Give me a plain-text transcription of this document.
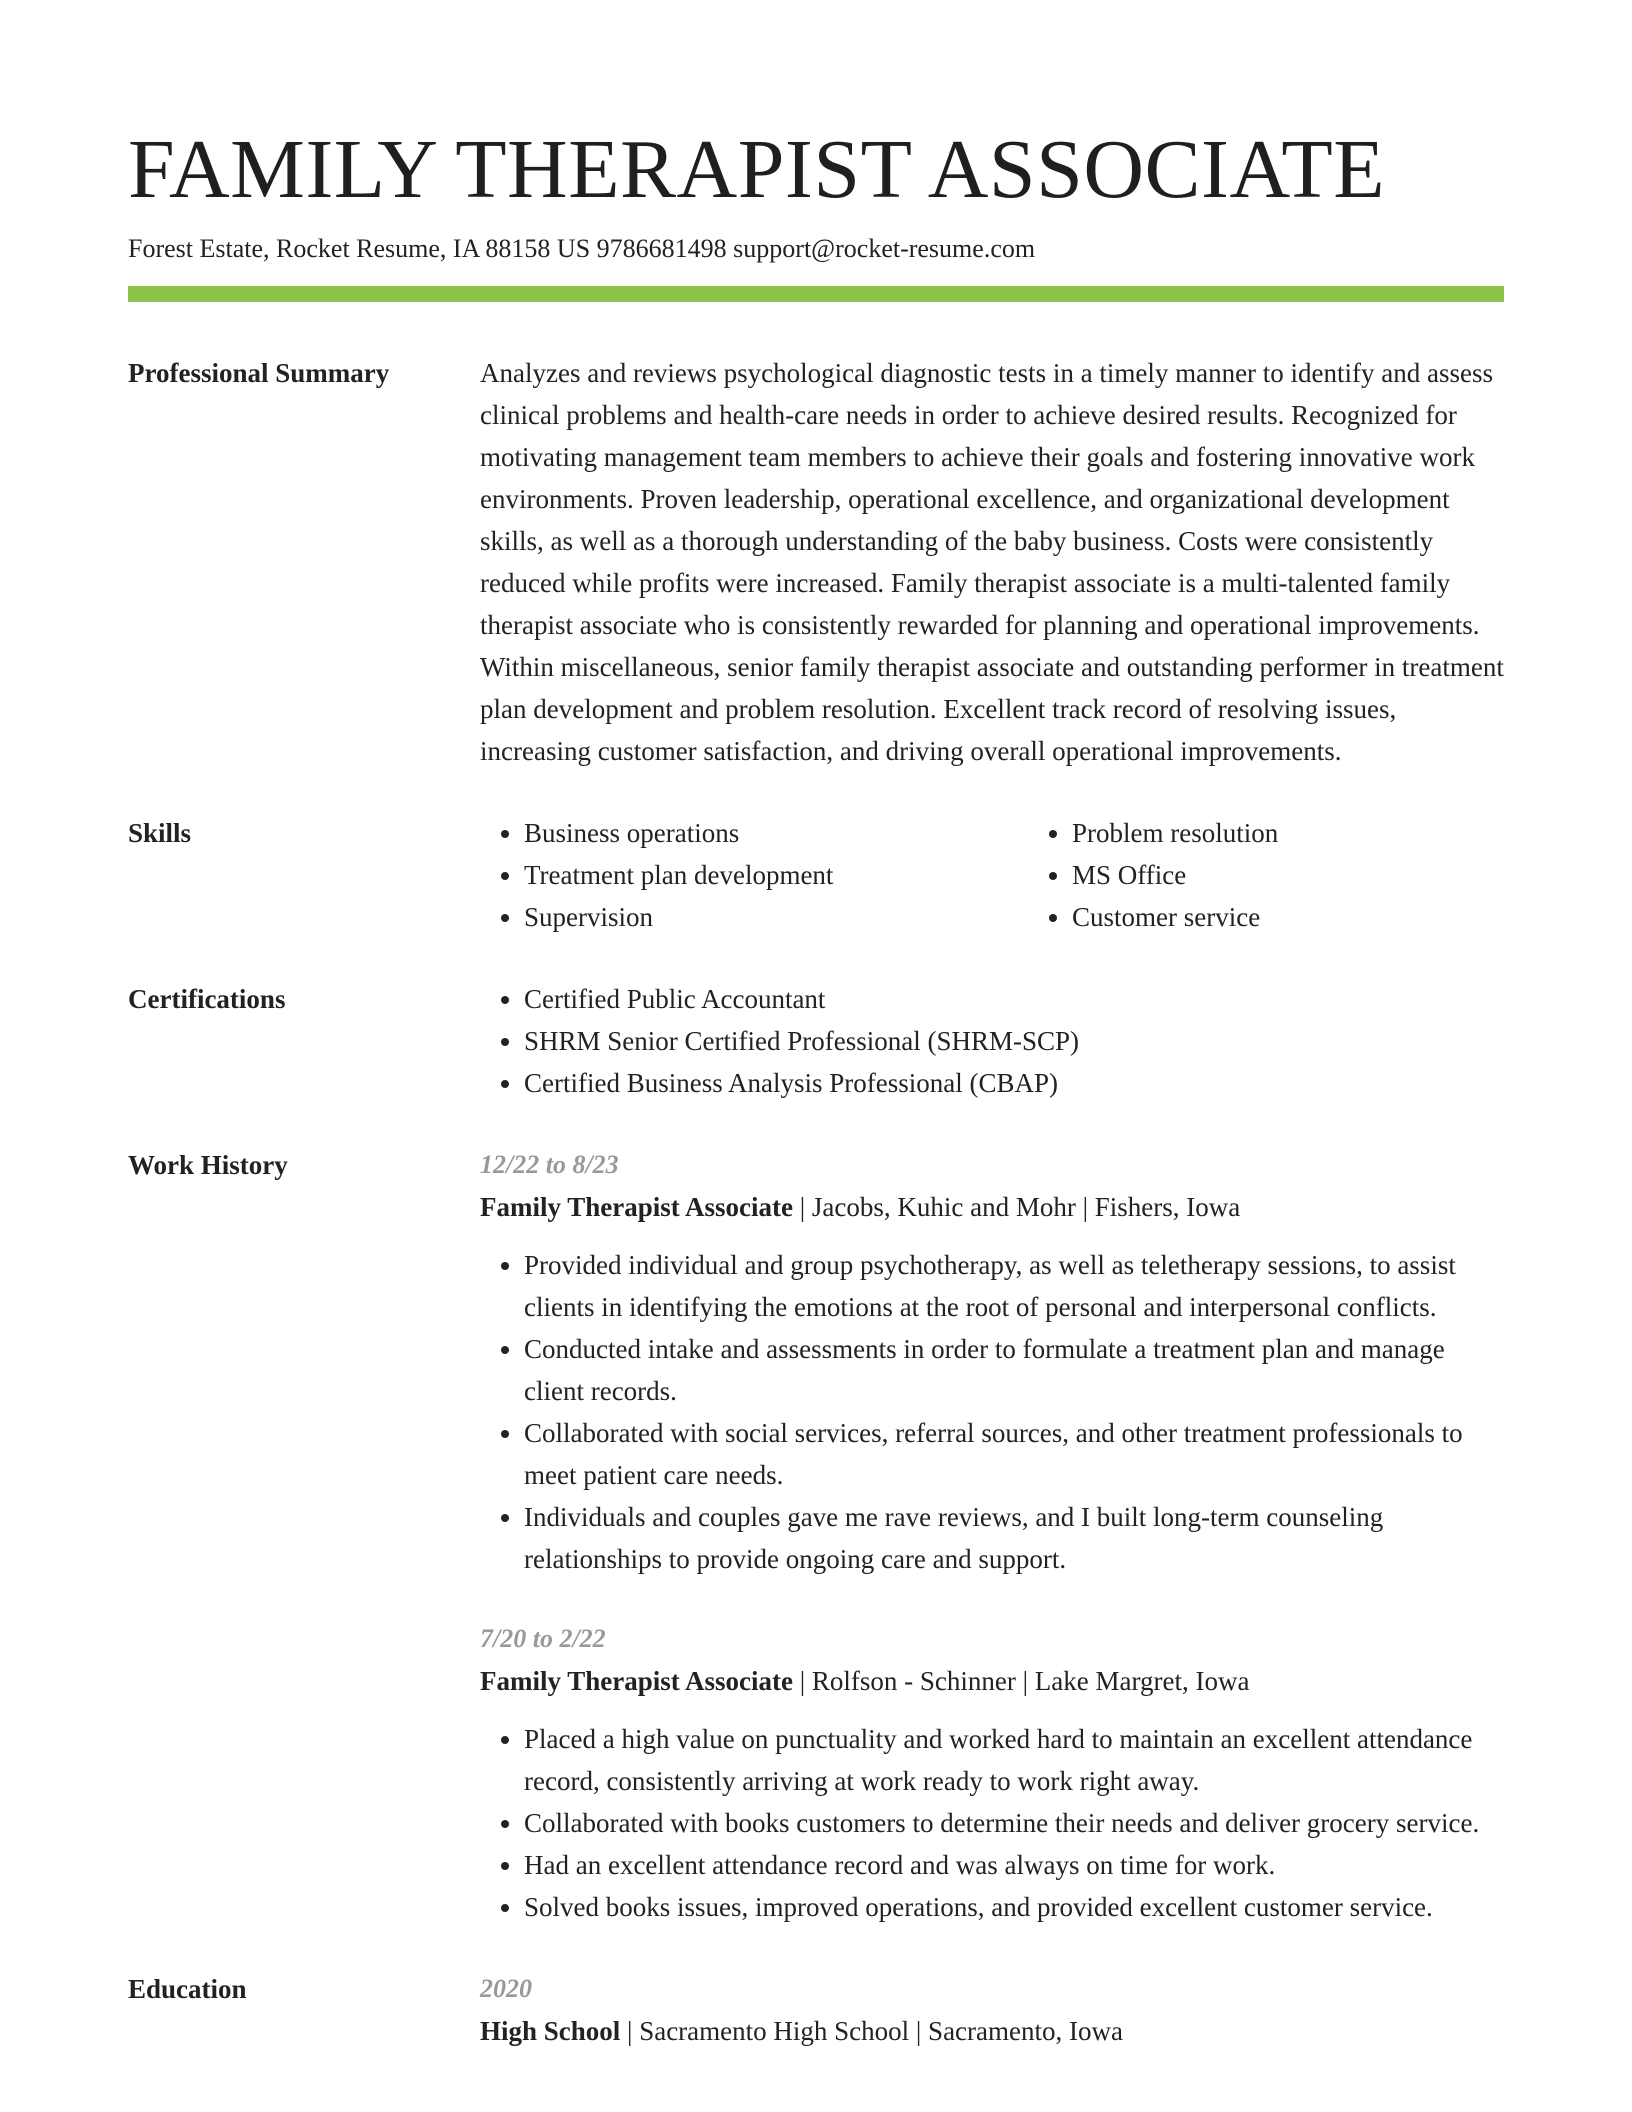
FAMILY THERAPIST ASSOCIATE
Forest Estate, Rocket Resume, IA 88158 US 9786681498 support@rocket-resume.com
Professional Summary	Analyzes and reviews psychological diagnostic tests in a timely manner to identify and assess clinical problems and health-care needs in order to achieve desired results. Recognized for motivating management team members to achieve their goals and fostering innovative work environments. Proven leadership, operational excellence, and organizational development skills, as well as a thorough understanding of the baby business. Costs were consistently reduced while profits were increased. Family therapist associate is a multi-talented family therapist associate who is consistently rewarded for planning and operational improvements. Within miscellaneous, senior family therapist associate and outstanding performer in treatment plan development and problem resolution. Excellent track record of resolving issues, increasing customer satisfaction, and driving overall operational improvements.

Skills	• Business operations
• Treatment plan development
• Supervision
• Problem resolution
• MS Office
• Customer service
Certifications	• Certified Public Accountant
• SHRM Senior Certified Professional (SHRM-SCP)
• Certified Business Analysis Professional (CBAP)
Work History	12/22 to 8/23
Family Therapist Associate | Jacobs, Kuhic and Mohr | Fishers, Iowa
• Provided individual and group psychotherapy, as well as teletherapy sessions, to assist clients in identifying the emotions at the root of personal and interpersonal conflicts.
• Conducted intake and assessments in order to formulate a treatment plan and manage client records.
• Collaborated with social services, referral sources, and other treatment professionals to meet patient care needs.
• Individuals and couples gave me rave reviews, and I built long-term counseling relationships to provide ongoing care and support.
7/20 to 2/22
Family Therapist Associate | Rolfson - Schinner | Lake Margret, Iowa
• Placed a high value on punctuality and worked hard to maintain an excellent attendance record, consistently arriving at work ready to work right away.
• Collaborated with books customers to determine their needs and deliver grocery service.
• Had an excellent attendance record and was always on time for work.
• Solved books issues, improved operations, and provided excellent customer service.
Education	2020
High School | Sacramento High School | Sacramento, Iowa
